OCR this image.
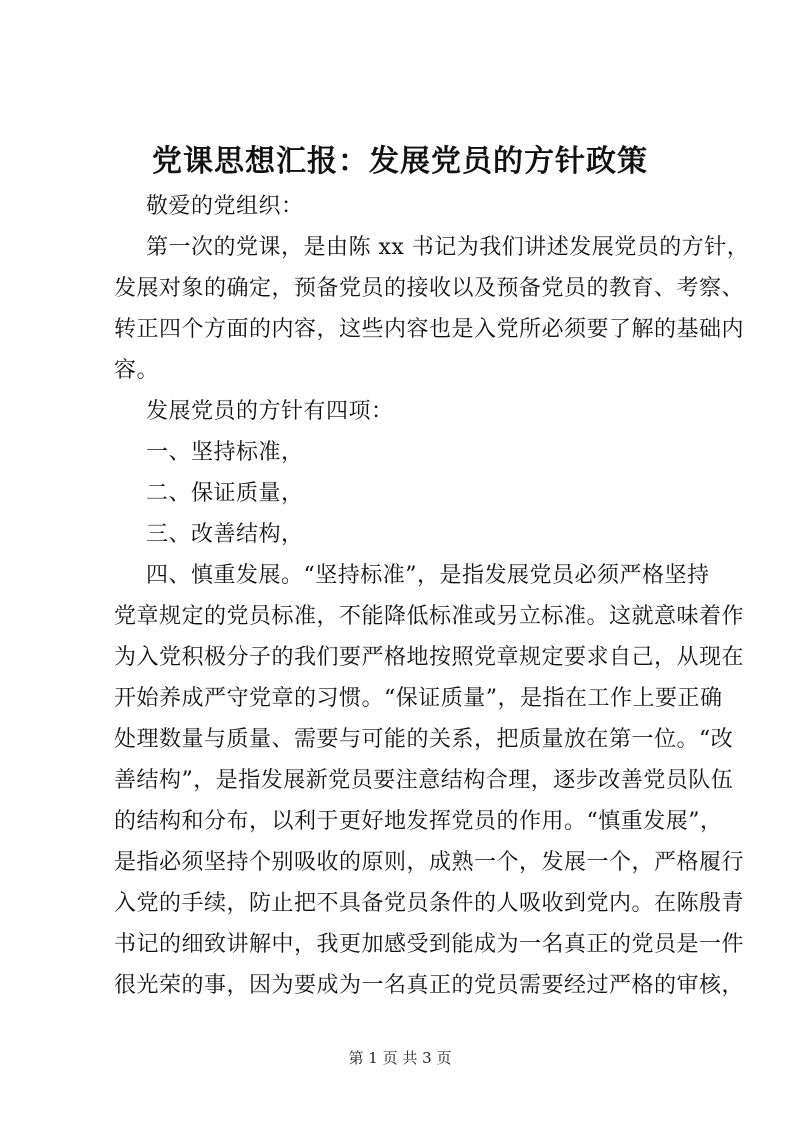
党课思想汇报：发展党员的方针政策
敬爱的党组织：
第一次的党课，是由陈 xx 书记为我们讲述发展党员的方针，
发展对象的确定，预备党员的接收以及预备党员的教育、考察、
转正四个方面的内容，这些内容也是入党所必须要了解的基础内
容。
发展党员的方针有四项：
一、坚持标准，
二、保证质量，
三、改善结构，
四、慎重发展。“坚持标准”，是指发展党员必须严格坚持
党章规定的党员标准，不能降低标准或另立标准。这就意味着作
为入党积极分子的我们要严格地按照党章规定要求自己，从现在
开始养成严守党章的习惯。“保证质量”，是指在工作上要正确
处理数量与质量、需要与可能的关系，把质量放在第一位。“改
善结构”，是指发展新党员要注意结构合理，逐步改善党员队伍
的结构和分布，以利于更好地发挥党员的作用。“慎重发展”，
是指必须坚持个别吸收的原则，成熟一个，发展一个，严格履行
入党的手续，防止把不具备党员条件的人吸收到党内。在陈殷青
书记的细致讲解中，我更加感受到能成为一名真正的党员是一件
很光荣的事，因为要成为一名真正的党员需要经过严格的审核，
第 1 页 共 3 页
